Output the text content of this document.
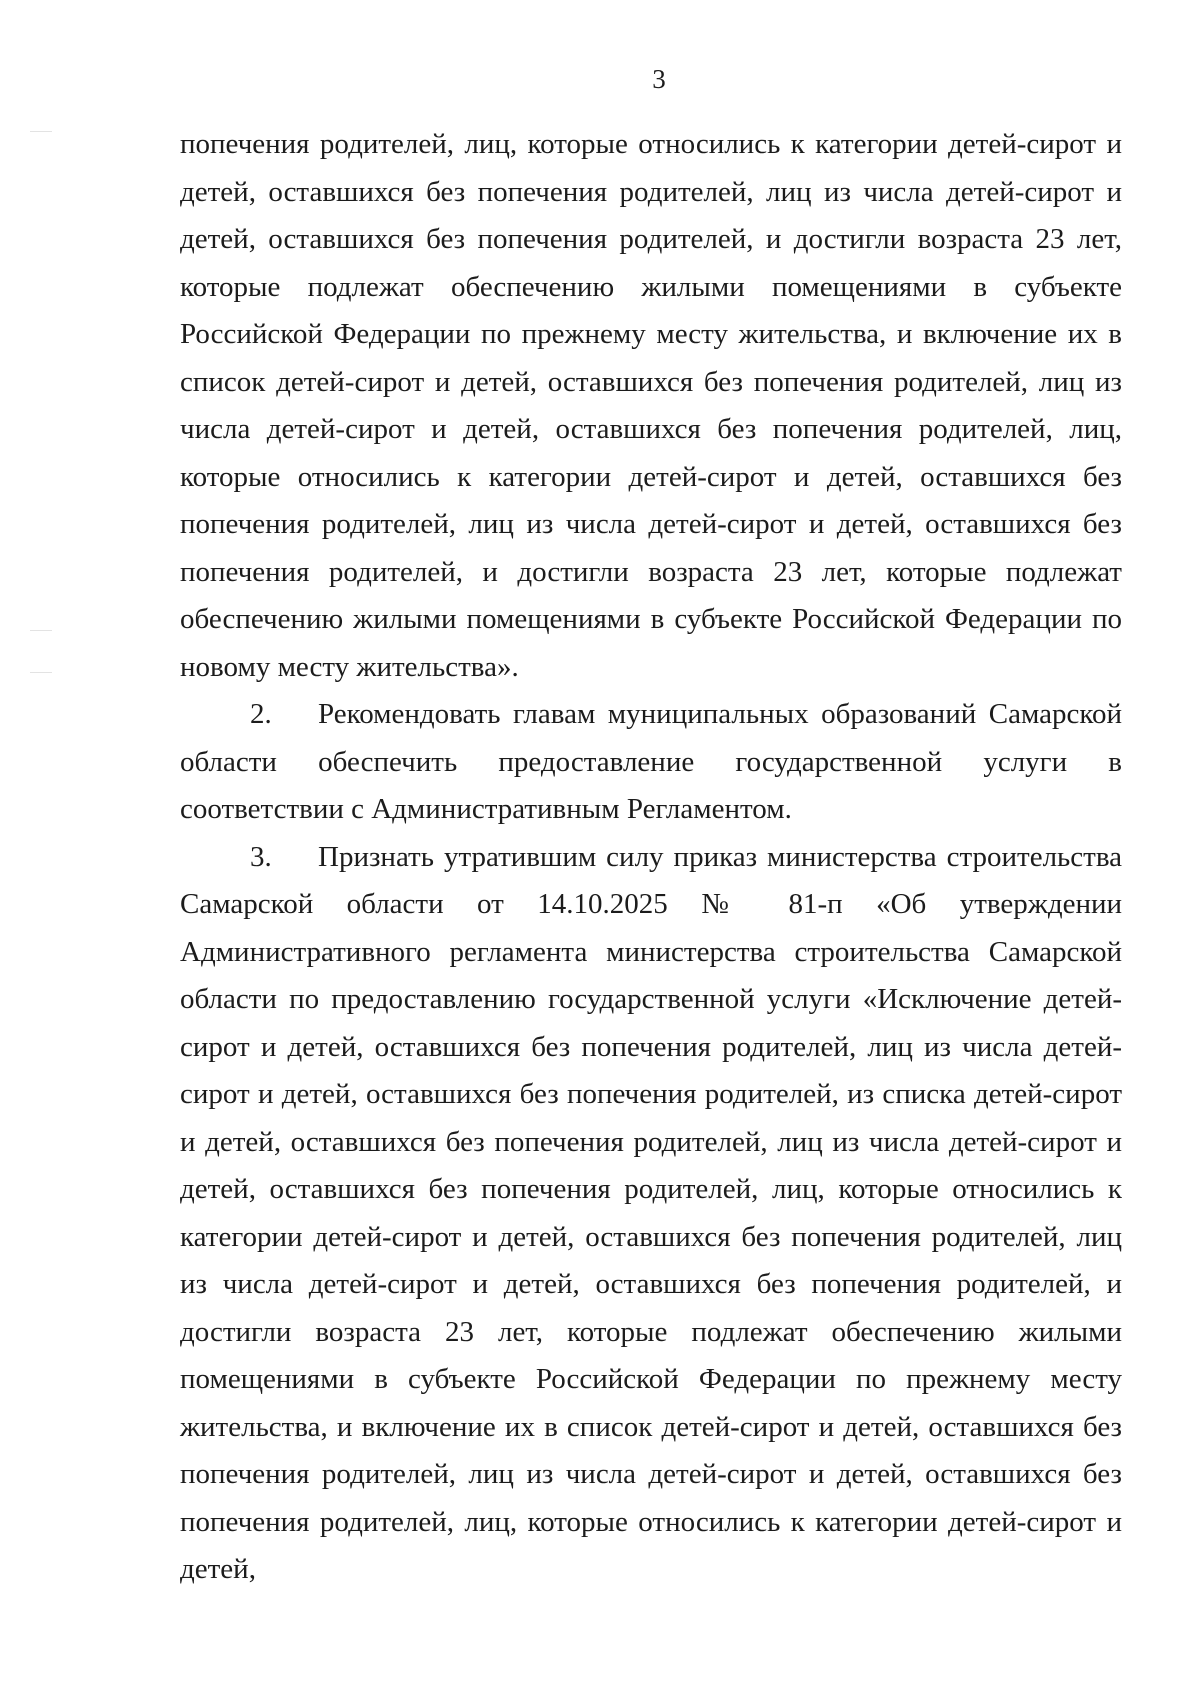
3

попечения родителей, лиц, которые относились к категории детей-сирот и детей, оставшихся без попечения родителей, лиц из числа детей-сирот и детей, оставшихся без попечения родителей, и достигли возраста 23 лет, которые подлежат обеспечению жилыми помещениями в субъекте Российской Федерации по прежнему месту жительства, и включение их в список детей-сирот и детей, оставшихся без попечения родителей, лиц из числа детей-сирот и детей, оставшихся без попечения родителей, лиц, которые относились к категории детей-сирот и детей, оставшихся без попечения родителей, лиц из числа детей-сирот и детей, оставшихся без попечения родителей, и достигли возраста 23 лет, которые подлежат обеспечению жилыми помещениями в субъекте Российской Федерации по новому месту жительства».

2. Рекомендовать главам муниципальных образований Самарской области обеспечить предоставление государственной услуги в соответствии с Административным Регламентом.

3. Признать утратившим силу приказ министерства строительства Самарской области от 14.10.2025 № 81-п «Об утверждении Административного регламента министерства строительства Самарской области по предоставлению государственной услуги «Исключение детей-сирот и детей, оставшихся без попечения родителей, лиц из числа детей-сирот и детей, оставшихся без попечения родителей, из списка детей-сирот и детей, оставшихся без попечения родителей, лиц из числа детей-сирот и детей, оставшихся без попечения родителей, лиц, которые относились к категории детей-сирот и детей, оставшихся без попечения родителей, лиц из числа детей-сирот и детей, оставшихся без попечения родителей, и достигли возраста 23 лет, которые подлежат обеспечению жилыми помещениями в субъекте Российской Федерации по прежнему месту жительства, и включение их в список детей-сирот и детей, оставшихся без попечения родителей, лиц из числа детей-сирот и детей, оставшихся без попечения родителей, лиц, которые относились к категории детей-сирот и детей,
